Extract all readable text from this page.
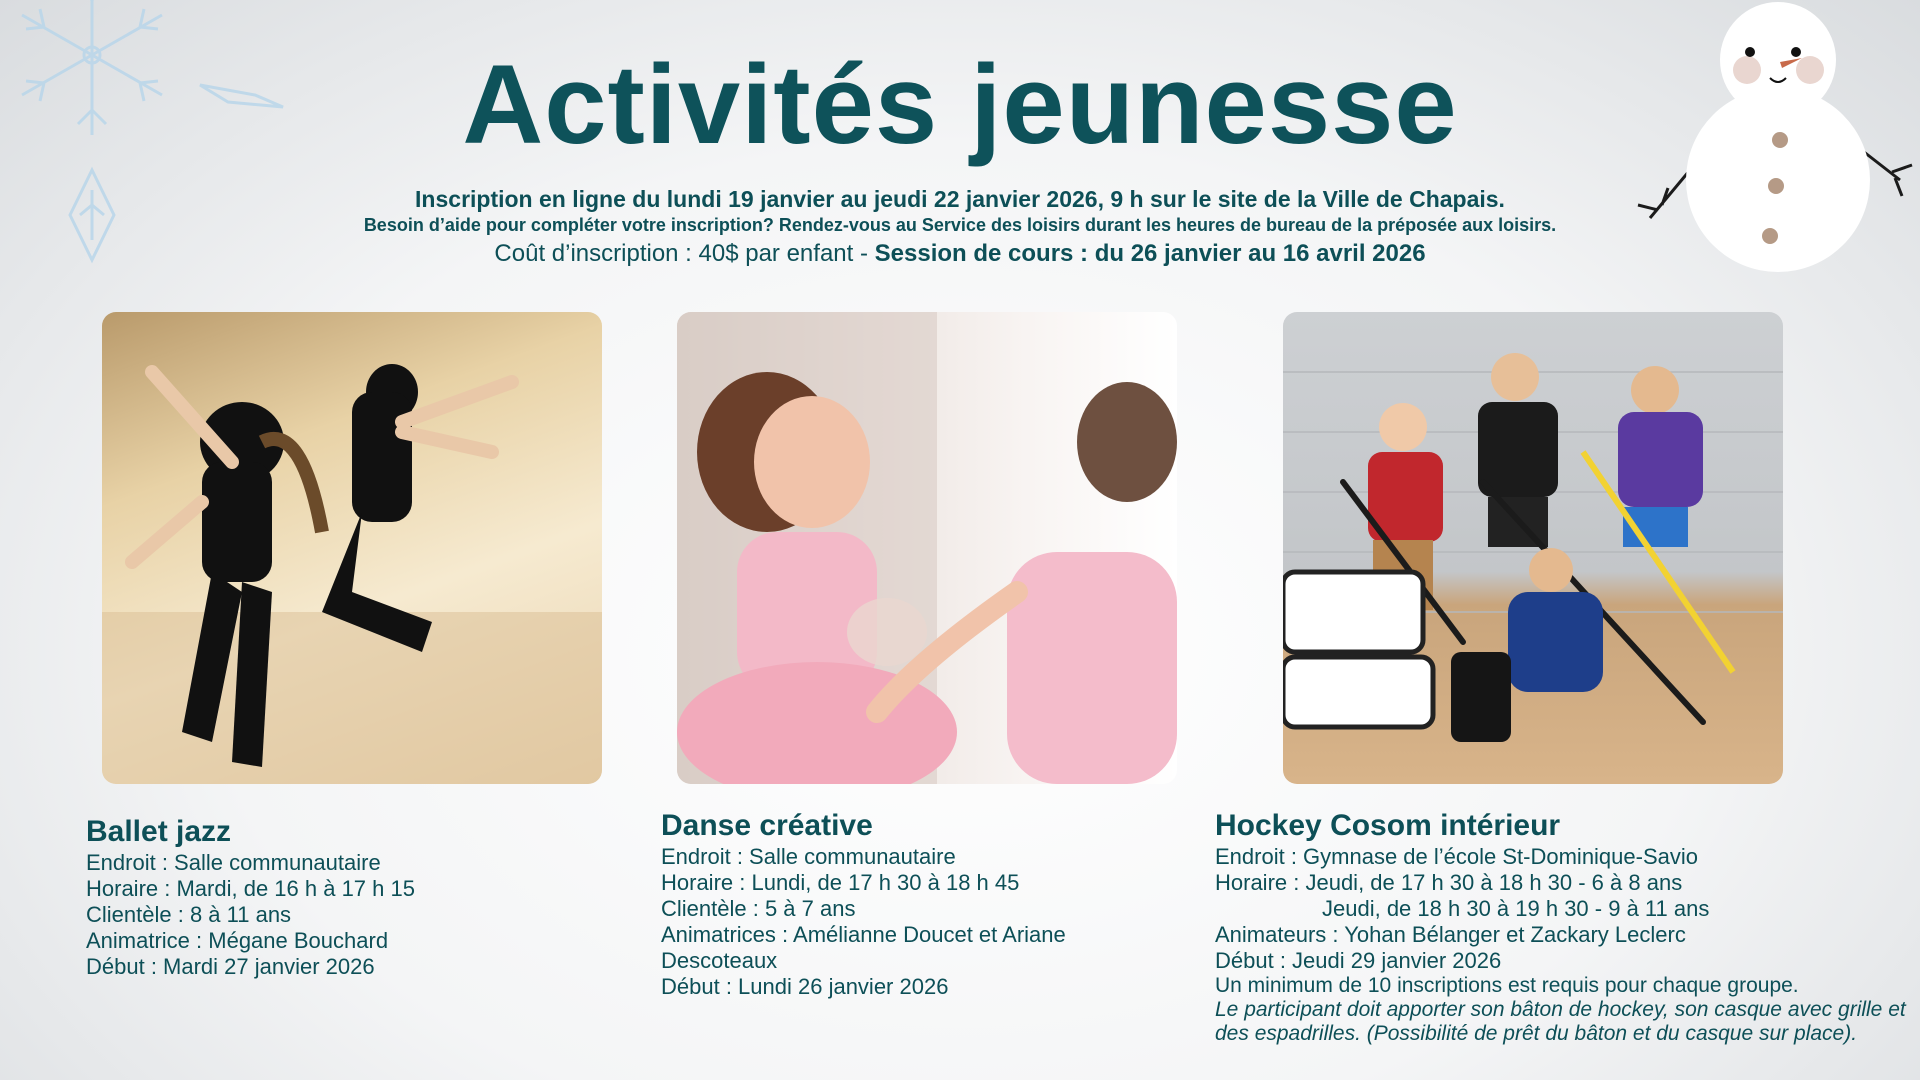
Activités jeunesse
Inscription en ligne du lundi 19 janvier au jeudi 22 janvier 2026, 9 h sur le site de la Ville de Chapais.
Besoin d’aide pour compléter votre inscription? Rendez-vous au Service des loisirs durant les heures de bureau de la préposée aux loisirs.
Coût d’inscription : 40$ par enfant - Session de cours : du 26 janvier au 16 avril 2026
Ballet jazz
Endroit : Salle communautaire
Horaire : Mardi, de 16 h à 17 h 15
Clientèle : 8 à 11 ans
Animatrice : Mégane Bouchard
Début : Mardi 27 janvier 2026
Danse créative
Endroit : Salle communautaire
Horaire : Lundi, de 17 h 30 à 18 h 45
Clientèle : 5 à 7 ans
Animatrices : Amélianne Doucet et Ariane
Descoteaux
Début : Lundi 26 janvier 2026
Hockey Cosom intérieur
Endroit : Gymnase de l’école St-Dominique-Savio
Horaire : Jeudi, de 17 h 30 à 18 h 30 - 6 à 8 ans
Jeudi, de 18 h 30 à 19 h 30 - 9 à 11 ans
Animateurs : Yohan Bélanger et Zackary Leclerc
Début : Jeudi 29 janvier 2026
Un minimum de 10 inscriptions est requis pour chaque groupe.
Le participant doit apporter son bâton de hockey, son casque avec grille et des espadrilles. (Possibilité de prêt du bâton et du casque sur place).
